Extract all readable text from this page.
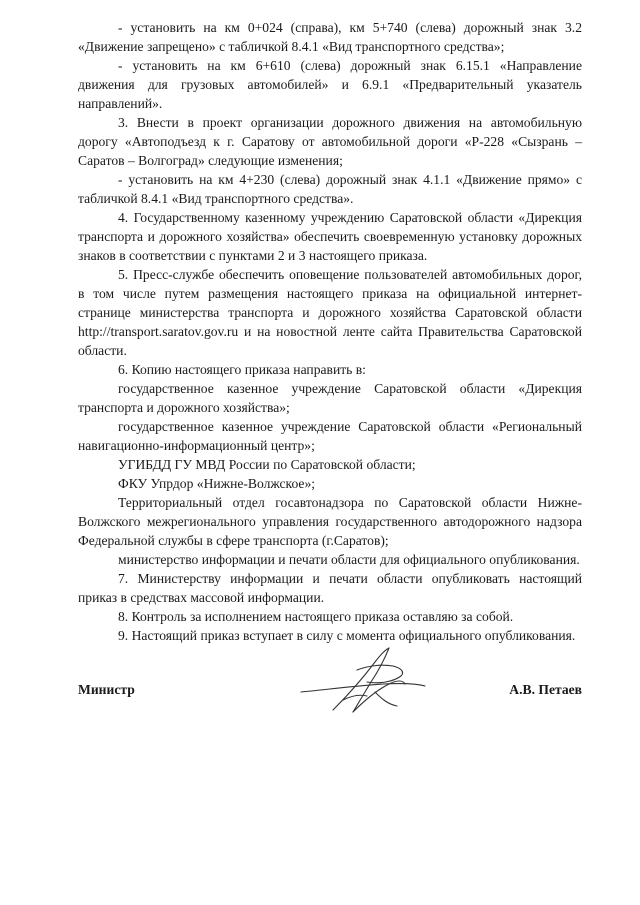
- установить на км 0+024 (справа), км 5+740 (слева) дорожный знак 3.2 «Движение запрещено» с табличкой 8.4.1 «Вид транспортного средства»;

- установить на км 6+610 (слева) дорожный знак 6.15.1 «Направление движения для грузовых автомобилей» и 6.9.1 «Предварительный указатель направлений».

3. Внести в проект организации дорожного движения на автомобильную дорогу «Автоподъезд к г. Саратову от автомобильной дороги «Р-228 «Сызрань – Саратов – Волгоград» следующие изменения;

- установить на км 4+230 (слева) дорожный знак 4.1.1 «Движение прямо» с табличкой 8.4.1 «Вид транспортного средства».

4. Государственному казенному учреждению Саратовской области «Дирекция транспорта и дорожного хозяйства» обеспечить своевременную установку дорожных знаков в соответствии с пунктами 2 и 3 настоящего приказа.

5. Пресс-службе обеспечить оповещение пользователей автомобильных дорог, в том числе путем размещения настоящего приказа на официальной интернет-странице министерства транспорта и дорожного хозяйства Саратовской области http://transport.saratov.gov.ru и на новостной ленте сайта Правительства Саратовской области.

6. Копию настоящего приказа направить в:

государственное казенное учреждение Саратовской области «Дирекция транспорта и дорожного хозяйства»;

государственное казенное учреждение Саратовской области «Региональный навигационно-информационный центр»;

УГИБДД ГУ МВД России по Саратовской области;

ФКУ Упрдор «Нижне-Волжское»;

Территориальный отдел госавтонадзора по Саратовской области Нижне-Волжского межрегионального управления государственного автодорожного надзора Федеральной службы в сфере транспорта (г.Саратов);

министерство информации и печати области для официального опубликования.

7. Министерству информации и печати области опубликовать настоящий приказ в средствах массовой информации.

8. Контроль за исполнением настоящего приказа оставляю за собой.

9. Настоящий приказ вступает в силу с момента официального опубликования.

Министр	А.В. Петаев
